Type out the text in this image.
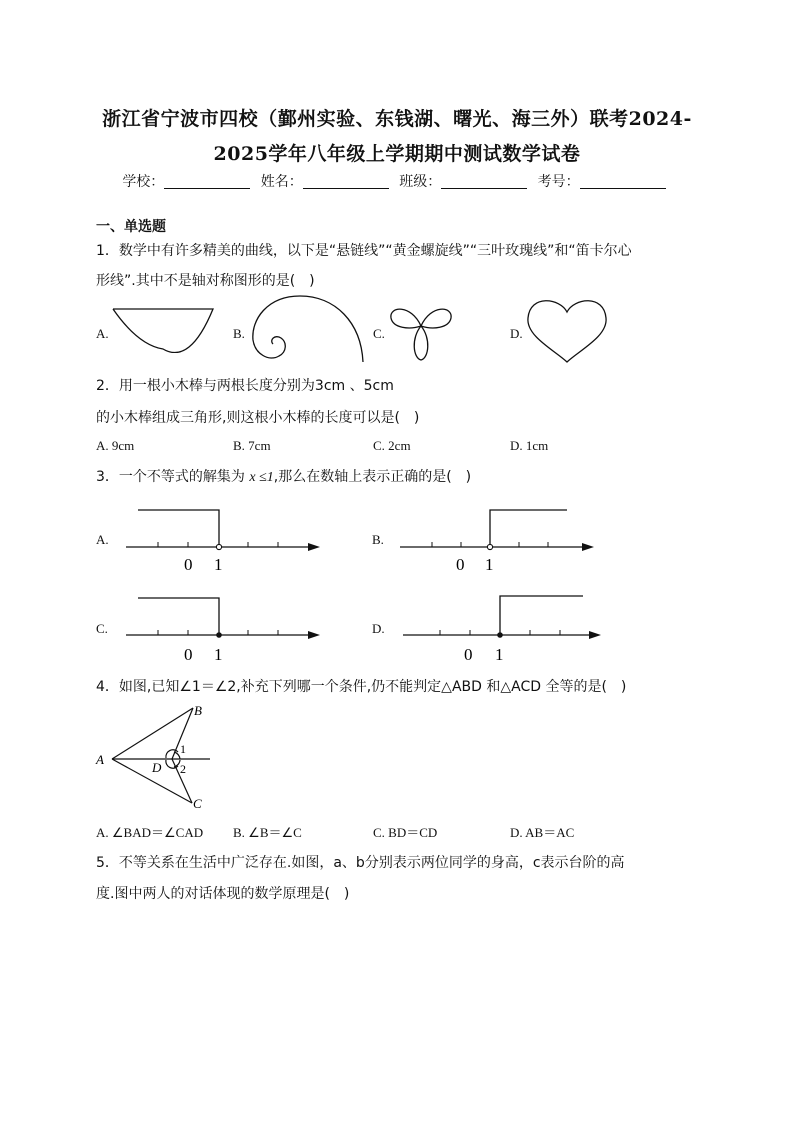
浙江省宁波市四校（鄞州实验、东钱湖、曙光、海三外）联考2024-
2025学年八年级上学期期中测试数学试卷
学校：	姓名：	班级：	考号：
一、单选题
1．数学中有许多精美的曲线，以下是“悬链线”“黄金螺旋线”“三叶玫瑰线”和“笛卡尔心
形线”.其中不是轴对称图形的是(　)
A.	B.	C.	D.
2．用一根小木棒与两根长度分别为3cm 、5cm
的小木棒组成三角形,则这根小木棒的长度可以是(　)
A. 9cm	B. 7cm	C. 2cm	D. 1cm
3．一个不等式的解集为 x ≤1,那么在数轴上表示正确的是(　)
A.
0 1
B.
0 1
C.
0 1
D.
0 1
4．如图,已知∠1＝∠2,补充下列哪一个条件,仍不能判定△ABD 和△ACD 全等的是(　)
A
B
C
D
1
2
A. ∠BAD＝∠CAD B. ∠B＝∠C	C. BD＝CD	D. AB＝AC
5．不等关系在生活中广泛存在.如图，a、b分别表示两位同学的身高，c表示台阶的高
度.图中两人的对话体现的数学原理是(　)
